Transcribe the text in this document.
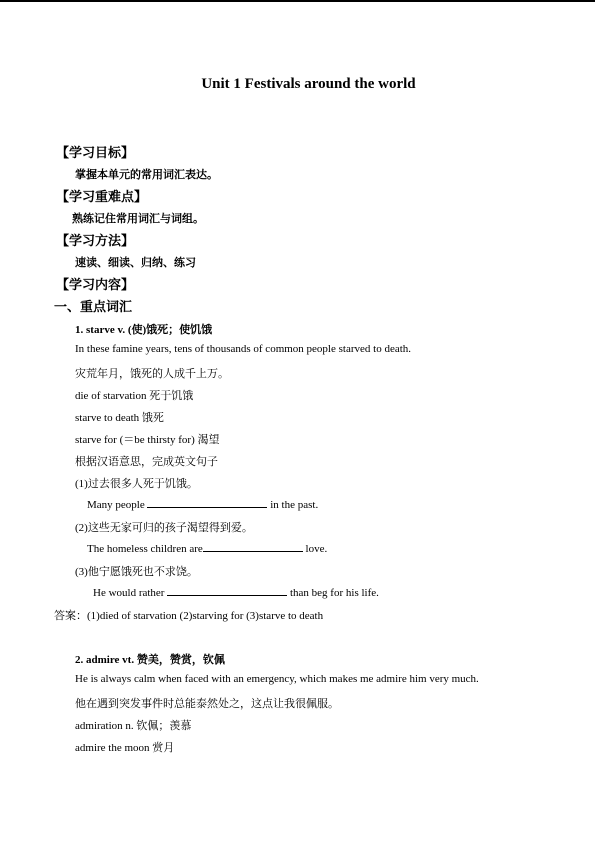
Unit 1 Festivals around the world
【学习目标】
掌握本单元的常用词汇表达。
【学习重难点】
熟练记住常用词汇与词组。
【学习方法】
速读、细读、归纳、练习
【学习内容】
一、重点词汇
1. starve v. (使)饿死；使饥饿
In these famine years, tens of thousands of common people starved to death.
灾荒年月，饿死的人成千上万。
die of starvation 死于饥饿
starve to death 饿死
starve for (＝be thirsty for) 渴望
根据汉语意思，完成英文句子
(1)过去很多人死于饥饿。
Many people	in the past.
(2)这些无家可归的孩子渴望得到爱。
The homeless children are	love.
(3)他宁愿饿死也不求饶。
He would rather	than beg for his life.
答案：(1)died of starvation (2)starving for (3)starve to death
2. admire vt. 赞美，赞赏，钦佩
He is always calm when faced with an emergency, which makes me admire him very much.
他在遇到突发事件时总能泰然处之，这点让我很佩服。
admiration n. 钦佩；羡慕
admire the moon 赏月
